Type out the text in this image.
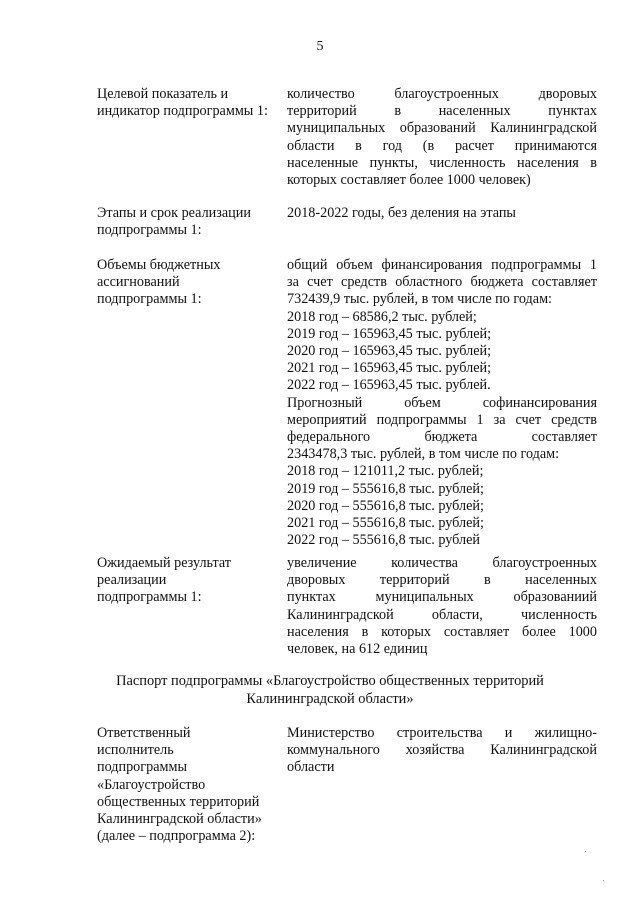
5
Целевой показатель и
индикатор подпрограммы 1:
количество благоустроенных дворовых
территорий в населенных пунктах
муниципальных образований Калининградской
области в год (в расчет принимаются
населенные пункты, численность населения в
которых составляет более 1000 человек)
Этапы и срок реализации
подпрограммы 1:
2018-2022 годы, без деления на этапы
Объемы бюджетных
ассигнований
подпрограммы 1:
общий объем финансирования подпрограммы 1
за счет средств областного бюджета составляет
732439,9 тыс. рублей, в том числе по годам:
2018 год – 68586,2 тыс. рублей;
2019 год – 165963,45 тыс. рублей;
2020 год – 165963,45 тыс. рублей;
2021 год – 165963,45 тыс. рублей;
2022 год – 165963,45 тыс. рублей.
Прогнозный объем софинансирования
мероприятий подпрограммы 1 за счет средств
федерального бюджета составляет
2343478,3 тыс. рублей, в том числе по годам:
2018 год – 121011,2 тыс. рублей;
2019 год – 555616,8 тыс. рублей;
2020 год – 555616,8 тыс. рублей;
2021 год – 555616,8 тыс. рублей;
2022 год – 555616,8 тыс. рублей
Ожидаемый результат
реализации
подпрограммы 1:
увеличение количества благоустроенных
дворовых территорий в населенных
пунктах муниципальных образованиий
Калининградской области, численность
населения в которых составляет более 1000
человек, на 612 единиц
Паспорт подпрограммы «Благоустройство общественных территорий
Калининградской области»
Ответственный
исполнитель
подпрограммы
«Благоустройство
общественных территорий
Калининградской области»
(далее – подпрограмма 2):
Министерство строительства и жилищно-
коммунального хозяйства Калининградской
области
